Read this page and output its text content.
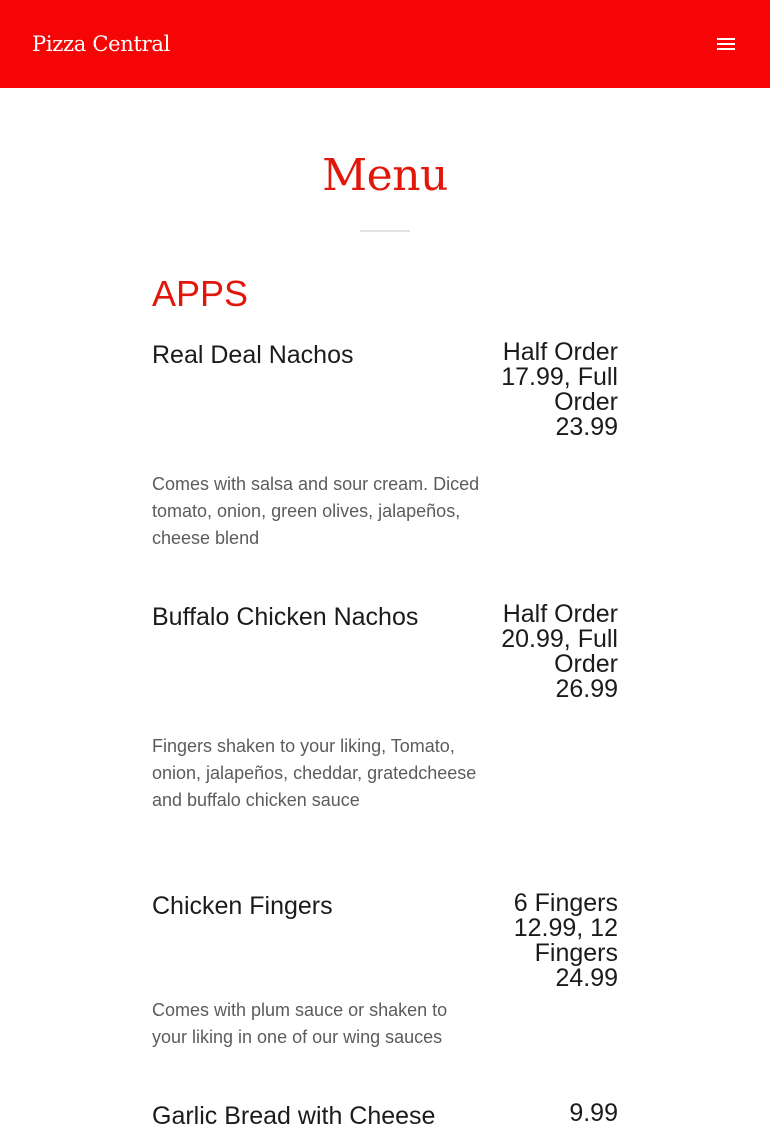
Pizza Central
Menu
APPS
Real Deal Nachos	Half Order 17.99, Full Order 23.99
Comes with salsa and sour cream. Diced tomato, onion, green olives, jalapeños, cheese blend
Buffalo Chicken Nachos	Half Order 20.99, Full Order 26.99
Fingers shaken to your liking, Tomato, onion, jalapeños, cheddar, gratedcheese and buffalo chicken sauce
Chicken Fingers	6 Fingers 12.99, 12 Fingers 24.99
Comes with plum sauce or shaken to your liking in one of our wing sauces
Garlic Bread with Cheese	9.99
